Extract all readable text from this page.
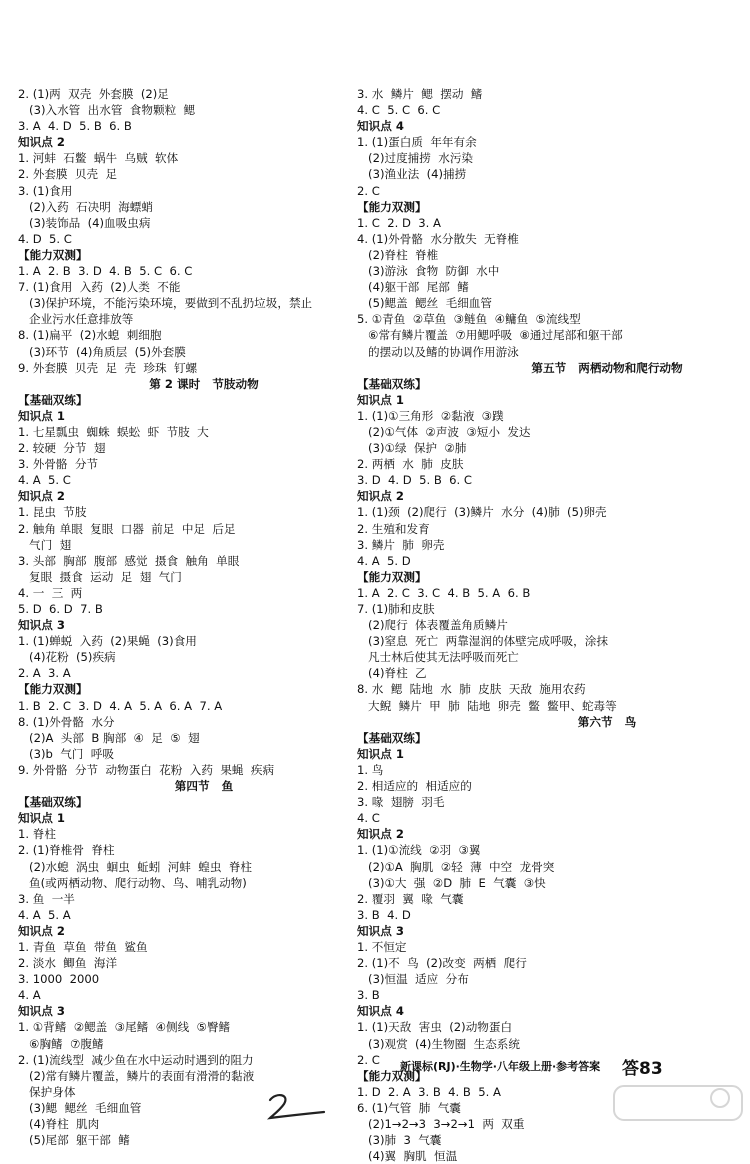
2. (1)两  双壳  外套膜  (2)足
(3)入水管  出水管  食物颗粒  鳃
3. A  4. D  5. B  6. B
知识点 2
1. 河蚌  石鳖  蜗牛  乌贼  软体
2. 外套膜  贝壳  足
3. (1)食用
(2)入药  石决明  海螵蛸
(3)装饰品  (4)血吸虫病
4. D  5. C
【能力双测】
1. A  2. B  3. D  4. B  5. C  6. C
7. (1)食用  入药  (2)人类  不能
(3)保护环境，不能污染环境，要做到不乱扔垃圾，禁止
企业污水任意排放等
8. (1)扁平  (2)水螅  刺细胞
(3)环节  (4)角质层  (5)外套膜
9. 外套膜  贝壳  足  壳  珍珠  钉螺
第 2 课时   节肢动物
【基础双练】
知识点 1
1. 七星瓢虫  蜘蛛  蜈蚣  虾  节肢  大
2. 较硬  分节  翅
3. 外骨骼  分节
4. A  5. C
知识点 2
1. 昆虫  节肢
2. 触角 单眼  复眼  口器  前足  中足  后足
气门  翅
3. 头部  胸部  腹部  感觉  摄食  触角  单眼
复眼  摄食  运动  足  翅  气门
4. 一  三  两
5. D  6. D  7. B
知识点 3
1. (1)蝉蜕  入药  (2)果蝇  (3)食用
(4)花粉  (5)疾病
2. A  3. A
【能力双测】
1. B  2. C  3. D  4. A  5. A  6. A  7. A
8. (1)外骨骼  水分
(2)A  头部  B 胸部  ④  足  ⑤  翅
(3)b  气门  呼吸
9. 外骨骼  分节  动物蛋白  花粉  入药  果蝇  疾病
第四节   鱼
【基础双练】
知识点 1
1. 脊柱
2. (1)脊椎骨  脊柱
(2)水螅  涡虫  蛔虫  蚯蚓  河蚌  蝗虫  脊柱
鱼(或两栖动物、爬行动物、鸟、哺乳动物)
3. 鱼  一半
4. A  5. A
知识点 2
1. 青鱼  草鱼  带鱼  鲨鱼
2. 淡水  鲫鱼  海洋
3. 1000  2000
4. A
知识点 3
1. ①背鳍  ②鳃盖  ③尾鳍  ④侧线  ⑤臀鳍
⑥胸鳍  ⑦腹鳍
2. (1)流线型  减少鱼在水中运动时遇到的阻力
(2)常有鳞片覆盖，鳞片的表面有滑滑的黏液
保护身体
(3)鳃  鳃丝  毛细血管
(4)脊柱  肌肉
(5)尾部  躯干部  鳍
3. 水  鳞片  鳃  摆动  鳍
4. C  5. C  6. C
知识点 4
1. (1)蛋白质  年年有余
(2)过度捕捞  水污染
(3)渔业法  (4)捕捞
2. C
【能力双测】
1. C  2. D  3. A
4. (1)外骨骼  水分散失  无脊椎
(2)脊柱  脊椎
(3)游泳  食物  防御  水中
(4)躯干部  尾部  鳍
(5)鳃盖  鳃丝  毛细血管
5. ①青鱼  ②草鱼  ③鲢鱼  ④鳙鱼  ⑤流线型
⑥常有鳞片覆盖  ⑦用鳃呼吸  ⑧通过尾部和躯干部
的摆动以及鳍的协调作用游泳
第五节   两栖动物和爬行动物
【基础双练】
知识点 1
1. (1)①三角形  ②黏液  ③蹼
(2)①气体  ②声波  ③短小  发达
(3)①绿  保护  ②肺
2. 两栖  水  肺  皮肤
3. D  4. D  5. B  6. C
知识点 2
1. (1)颈  (2)爬行  (3)鳞片  水分  (4)肺  (5)卵壳
2. 生殖和发育
3. 鳞片  肺  卵壳
4. A  5. D
【能力双测】
1. A  2. C  3. C  4. B  5. A  6. B
7. (1)肺和皮肤
(2)爬行  体表覆盖角质鳞片
(3)窒息  死亡  两靠湿润的体壁完成呼吸，涂抹
凡士林后使其无法呼吸而死亡
(4)脊柱  乙
8. 水  鳃  陆地  水  肺  皮肤  天敌  施用农药
大鲵  鳞片  甲  肺  陆地  卵壳  鳖  鳖甲、蛇毒等
第六节   鸟
【基础双练】
知识点 1
1. 鸟
2. 相适应的  相适应的
3. 喙  翅膀  羽毛
4. C
知识点 2
1. (1)①流线  ②羽  ③翼
(2)①A  胸肌  ②轻  薄  中空  龙骨突
(3)①大  强  ②D  肺  E  气囊  ③快
2. 覆羽  翼  喙  气囊
3. B  4. D
知识点 3
1. 不恒定
2. (1)不  鸟  (2)改变  两栖  爬行
(3)恒温  适应  分布
3. B
知识点 4
1. (1)天敌  害虫  (2)动物蛋白
(3)观赏  (4)生物圈  生态系统
2. C
【能力双测】
1. D  2. A  3. B  4. B  5. A
6. (1)气管  肺  气囊
(2)1→2→3  3→2→1  两  双重
(3)肺  3  气囊
(4)翼  胸肌  恒温
新课标(RJ)·生物学·八年级上册·参考答案 答83
